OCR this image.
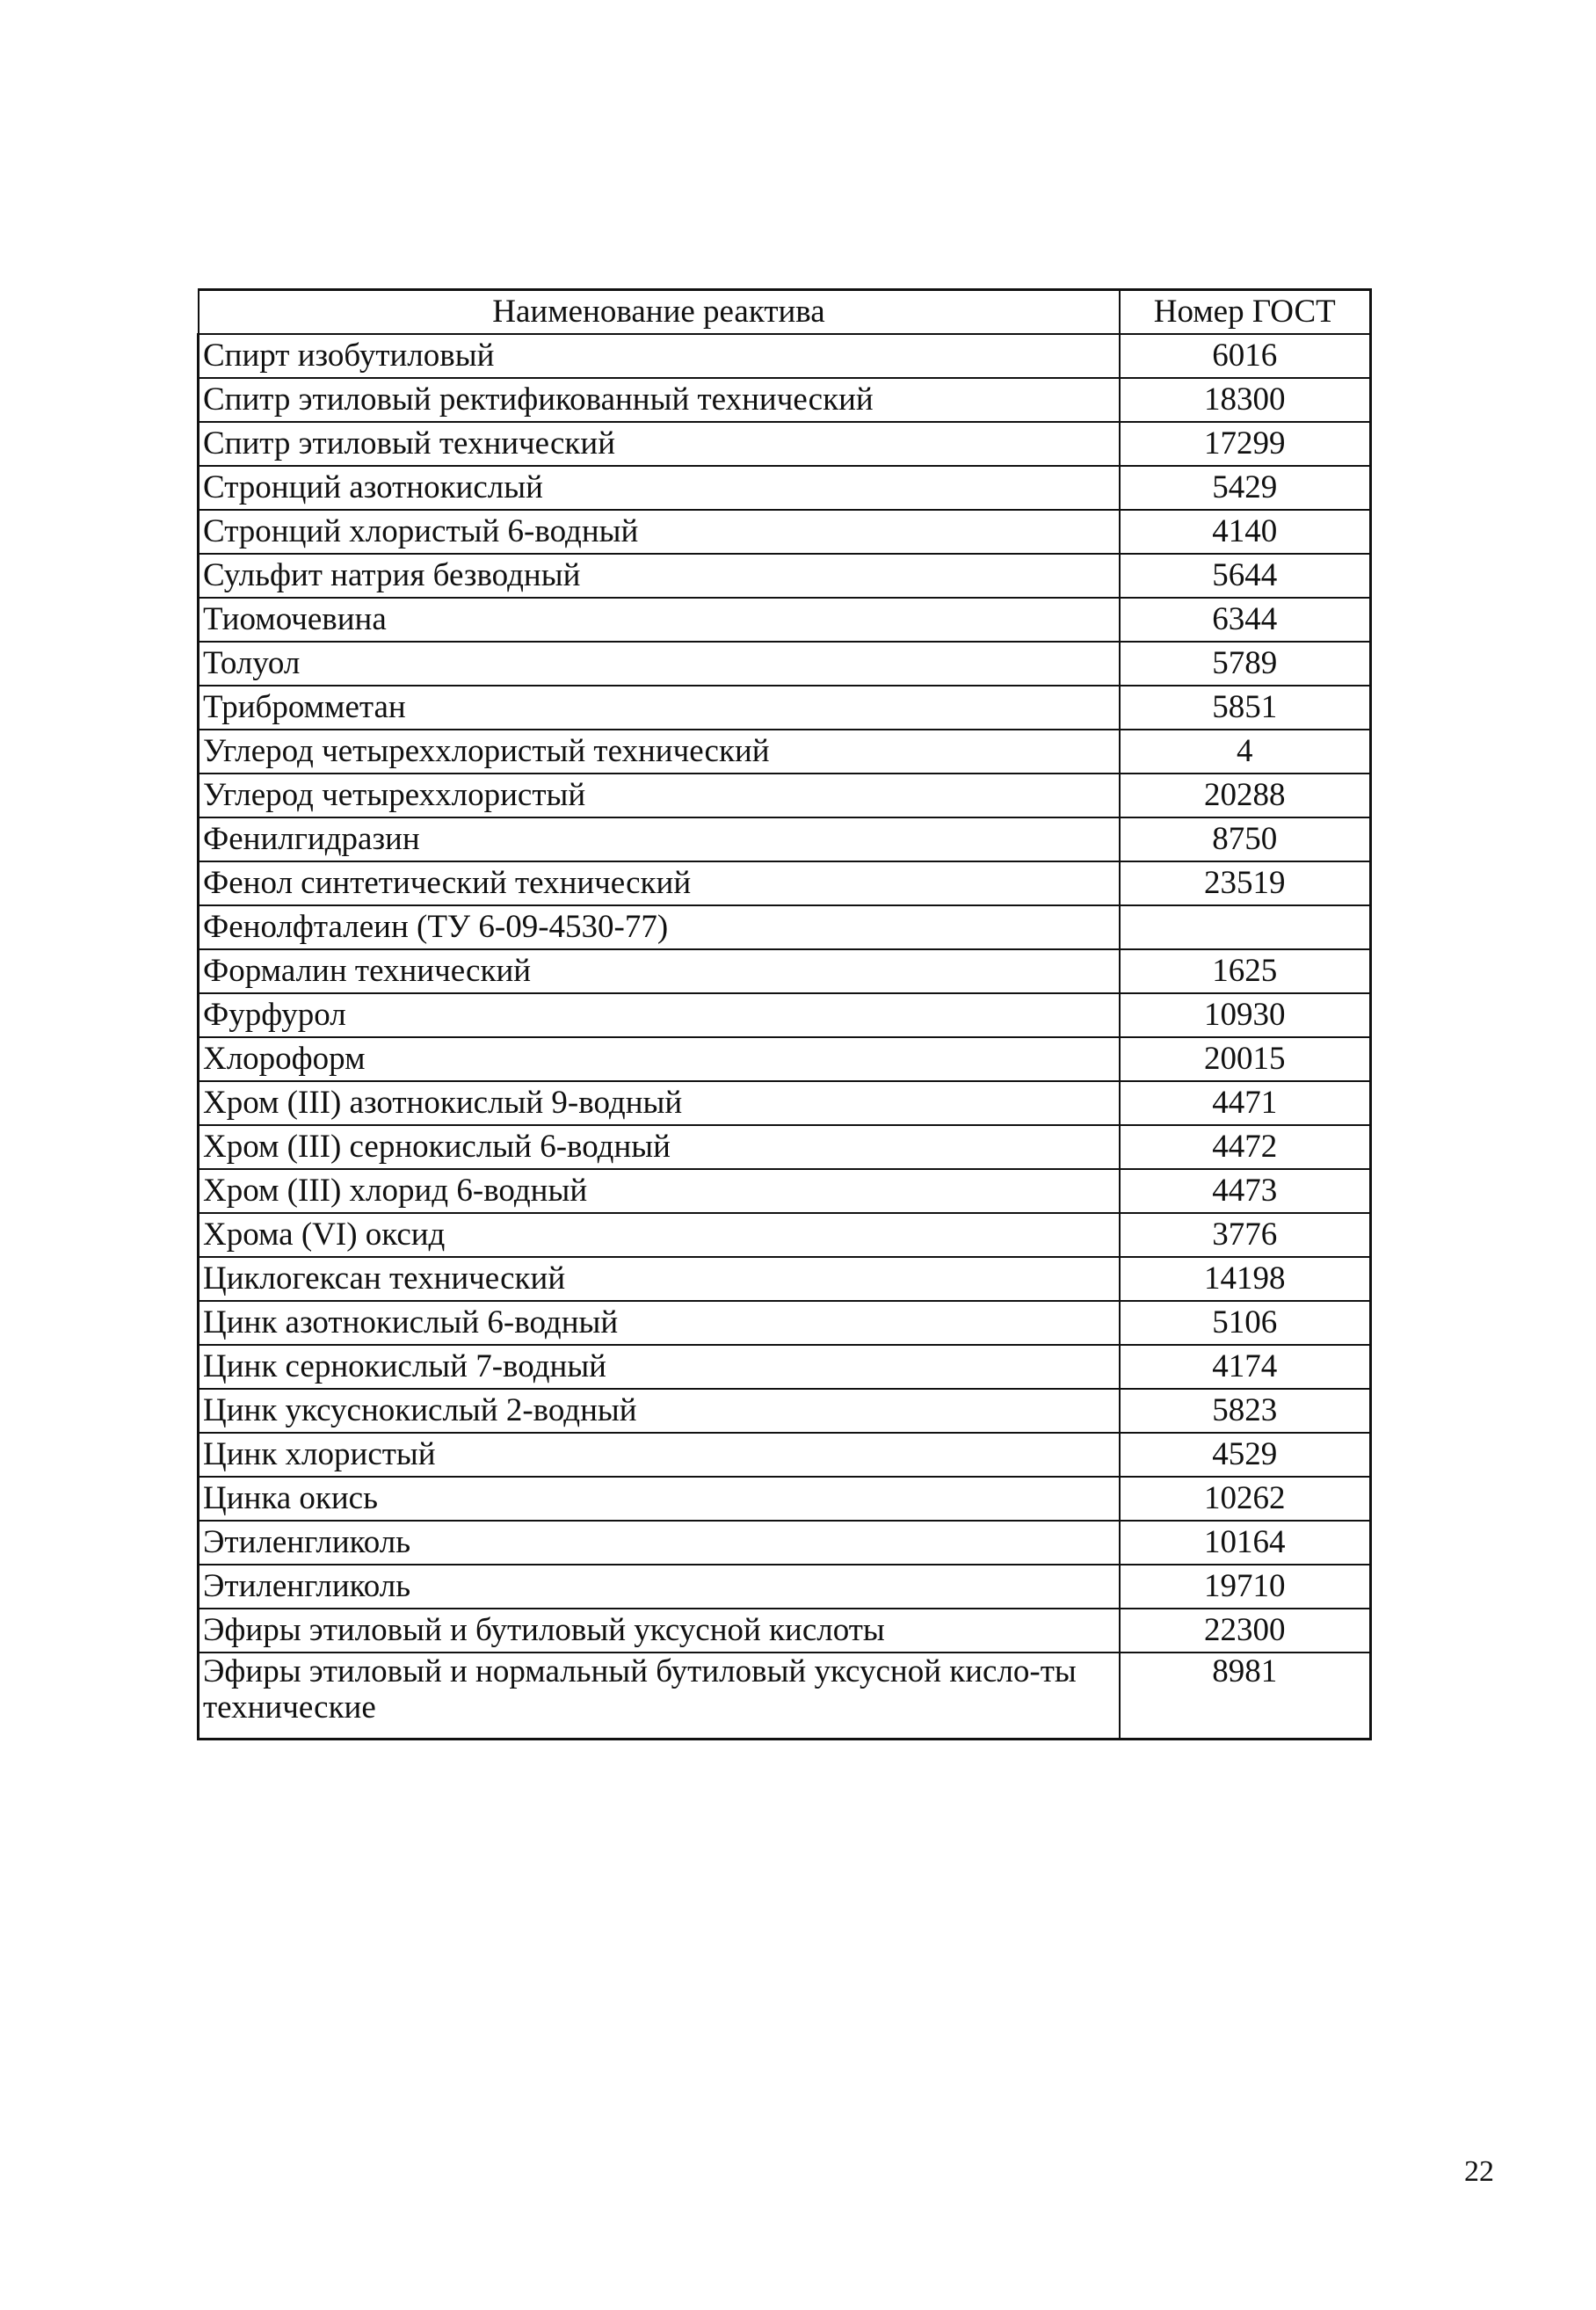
Наименование реактива	Номер ГОСТ
Спирт изобутиловый	6016
Спитр этиловый ректификованный технический	18300
Спитр этиловый технический	17299
Стронций азотнокислый	5429
Стронций хлористый 6-водный	4140
Сульфит натрия безводный	5644
Тиомочевина	6344
Толуол	5789
Трибромметан	5851
Углерод четыреххлористый технический	4
Углерод четыреххлористый	20288
Фенилгидразин	8750
Фенол синтетический технический	23519
Фенолфталеин (ТУ 6-09-4530-77)	
Формалин технический	1625
Фурфурол	10930
Хлороформ	20015
Хром (III) азотнокислый 9-водный	4471
Хром (III) сернокислый 6-водный	4472
Хром (III) хлорид 6-водный	4473
Хрома (VI) оксид	3776
Циклогексан технический	14198
Цинк азотнокислый 6-водный	5106
Цинк сернокислый 7-водный	4174
Цинк уксуснокислый 2-водный	5823
Цинк хлористый	4529
Цинка окись	10262
Этиленгликоль	10164
Этиленгликоль	19710
Эфиры этиловый и бутиловый уксусной кислоты	22300
Эфиры этиловый и нормальный бутиловый уксусной кисло-ты технические	8981
22
